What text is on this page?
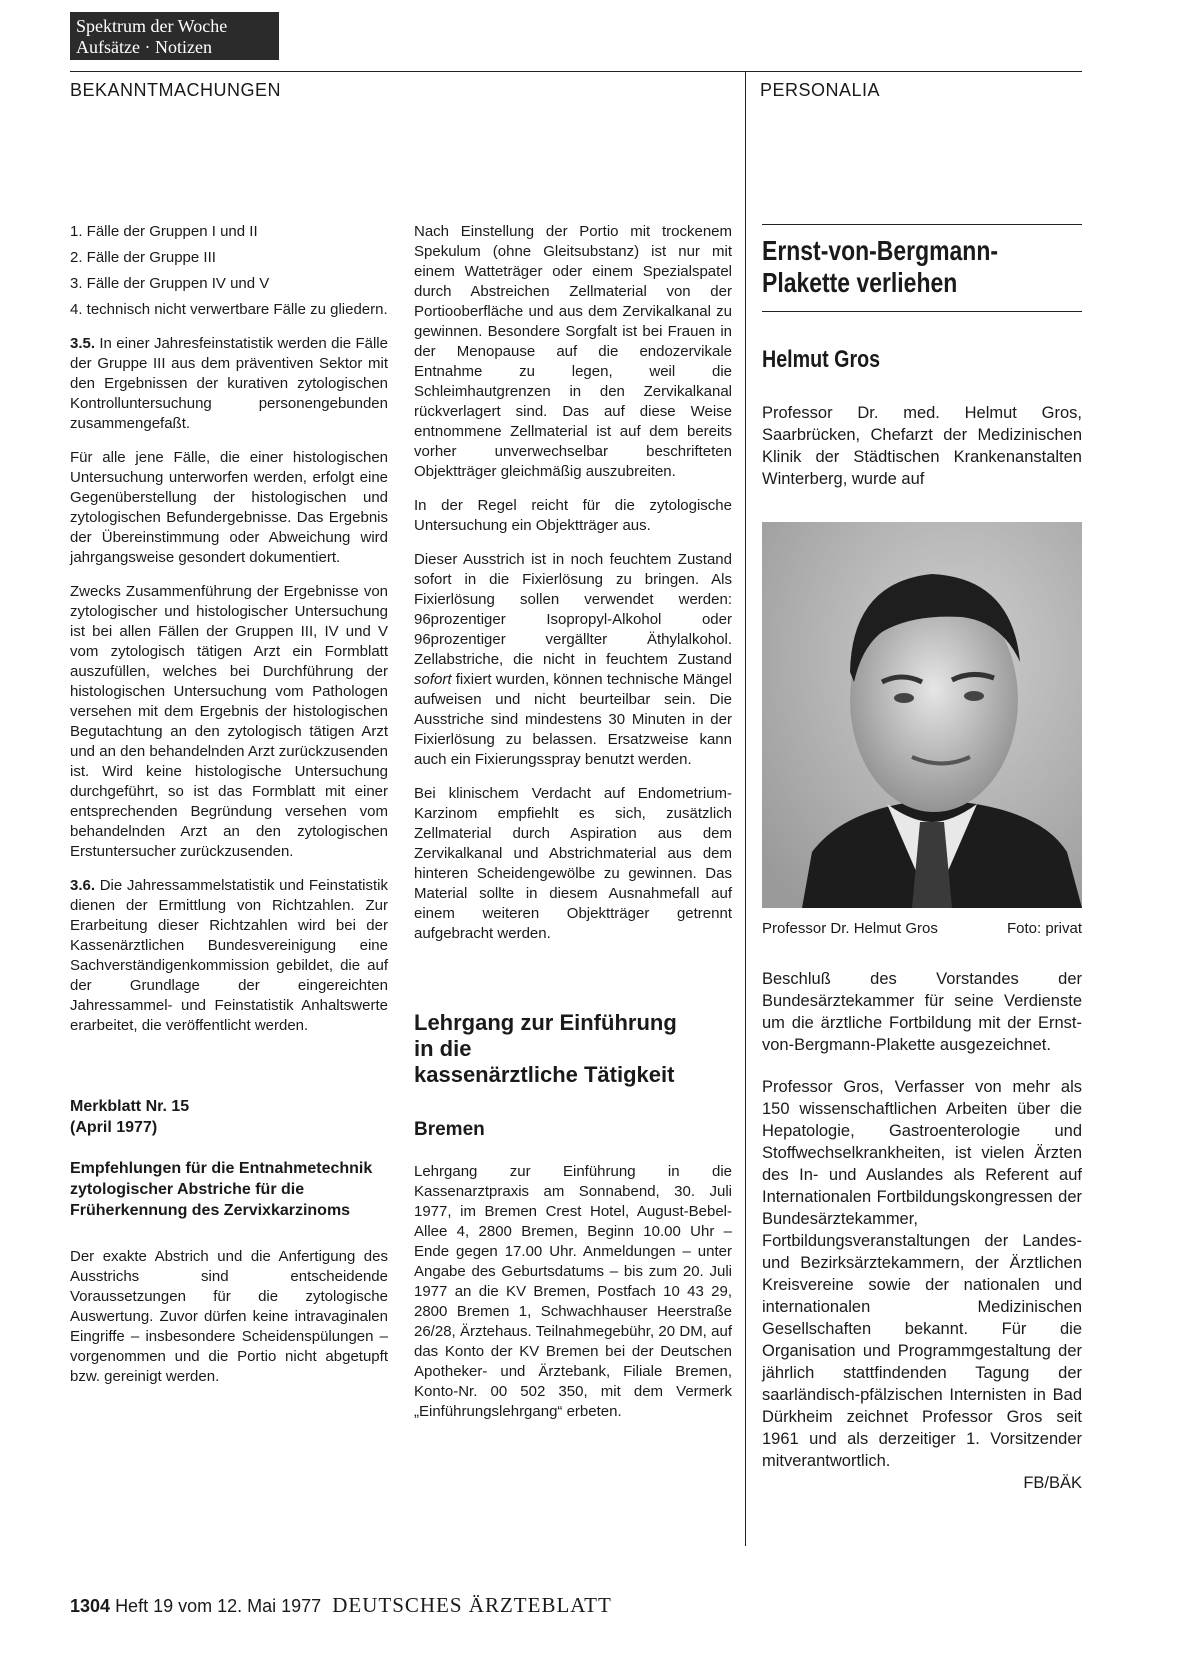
Spektrum der Woche
Aufsätze · Notizen
BEKANNTMACHUNGEN	PERSONALIA
1. Fälle der Gruppen I und II
2. Fälle der Gruppe III
3. Fälle der Gruppen IV und V
4. technisch nicht verwertbare Fälle zu gliedern.

3.5. In einer Jahresfeinstatistik werden die Fälle der Gruppe III aus dem präventiven Sektor mit den Ergebnissen der kurativen zytologischen Kontrolluntersuchung personengebunden zusammengefaßt.

Für alle jene Fälle, die einer histologischen Untersuchung unterworfen werden, erfolgt eine Gegenüberstellung der histologischen und zytologischen Befundergebnisse. Das Ergebnis der Übereinstimmung oder Abweichung wird jahrgangsweise gesondert dokumentiert.

Zwecks Zusammenführung der Ergebnisse von zytologischer und histologischer Untersuchung ist bei allen Fällen der Gruppen III, IV und V vom zytologisch tätigen Arzt ein Formblatt auszufüllen, welches bei Durchführung der histologischen Untersuchung vom Pathologen versehen mit dem Ergebnis der histologischen Begutachtung an den zytologisch tätigen Arzt und an den behandelnden Arzt zurückzusenden ist. Wird keine histologische Untersuchung durchgeführt, so ist das Formblatt mit einer entsprechenden Begründung versehen vom behandelnden Arzt an den zytologischen Erstuntersucher zurückzusenden.

3.6. Die Jahressammelstatistik und Feinstatistik dienen der Ermittlung von Richtzahlen. Zur Erarbeitung dieser Richtzahlen wird bei der Kassenärztlichen Bundesvereinigung eine Sachverständigenkommission gebildet, die auf der Grundlage der eingereichten Jahressammel- und Feinstatistik Anhaltswerte erarbeitet, die veröffentlicht werden.

Merkblatt Nr. 15
(April 1977)
Empfehlungen für die Entnahmetechnik zytologischer Abstriche für die Früherkennung des Zervixkarzinoms

Der exakte Abstrich und die Anfertigung des Ausstrichs sind entscheidende Voraussetzungen für die zytologische Auswertung. Zuvor dürfen keine intravaginalen Eingriffe – insbesondere Scheidenspülungen – vorgenommen und die Portio nicht abgetupft bzw. gereinigt werden.

Nach Einstellung der Portio mit trockenem Spekulum (ohne Gleitsubstanz) ist nur mit einem Watteträger oder einem Spezialspatel durch Abstreichen Zellmaterial von der Portiooberfläche und aus dem Zervikalkanal zu gewinnen. Besondere Sorgfalt ist bei Frauen in der Menopause auf die endozervikale Entnahme zu legen, weil die Schleimhautgrenzen in den Zervikalkanal rückverlagert sind. Das auf diese Weise entnommene Zellmaterial ist auf dem bereits vorher unverwechselbar beschrifteten Objektträger gleichmäßig auszubreiten.

In der Regel reicht für die zytologische Untersuchung ein Objektträger aus.

Dieser Ausstrich ist in noch feuchtem Zustand sofort in die Fixierlösung zu bringen. Als Fixierlösung sollen verwendet werden: 96prozentiger Isopropyl-Alkohol oder 96prozentiger vergällter Äthylalkohol. Zellabstriche, die nicht in feuchtem Zustand sofort fixiert wurden, können technische Mängel aufweisen und nicht beurteilbar sein. Die Ausstriche sind mindestens 30 Minuten in der Fixierlösung zu belassen. Ersatzweise kann auch ein Fixierungsspray benutzt werden.

Bei klinischem Verdacht auf Endometrium-Karzinom empfiehlt es sich, zusätzlich Zellmaterial durch Aspiration aus dem Zervikalkanal und Abstrichmaterial aus dem hinteren Scheidengewölbe zu gewinnen. Das Material sollte in diesem Ausnahmefall auf einem weiteren Objektträger getrennt aufgebracht werden.

Lehrgang zur Einführung
in die
kassenärztliche Tätigkeit
Bremen

Lehrgang zur Einführung in die Kassenarztpraxis am Sonnabend, 30. Juli 1977, im Bremen Crest Hotel, August-Bebel-Allee 4, 2800 Bremen, Beginn 10.00 Uhr – Ende gegen 17.00 Uhr. Anmeldungen – unter Angabe des Geburtsdatums – bis zum 20. Juli 1977 an die KV Bremen, Postfach 10 43 29, 2800 Bremen 1, Schwachhauser Heerstraße 26/28, Ärztehaus. Teilnahmegebühr, 20 DM, auf das Konto der KV Bremen bei der Deutschen Apotheker- und Ärztebank, Filiale Bremen, Konto-Nr. 00 502 350, mit dem Vermerk „Einführungslehrgang“ erbeten.

Ernst-von-Bergmann-
Plakette verliehen
Helmut Gros

Professor Dr. med. Helmut Gros, Saarbrücken, Chefarzt der Medizinischen Klinik der Städtischen Krankenanstalten Winterberg, wurde auf

Professor Dr. Helmut Gros	Foto: privat

Beschluß des Vorstandes der Bundesärztekammer für seine Verdienste um die ärztliche Fortbildung mit der Ernst-von-Bergmann-Plakette ausgezeichnet.

Professor Gros, Verfasser von mehr als 150 wissenschaftlichen Arbeiten über die Hepatologie, Gastroenterologie und Stoffwechselkrankheiten, ist vielen Ärzten des In- und Auslandes als Referent auf Internationalen Fortbildungskongressen der Bundesärztekammer, Fortbildungsveranstaltungen der Landes- und Bezirksärztekammern, der Ärztlichen Kreisvereine sowie der nationalen und internationalen Medizinischen Gesellschaften bekannt. Für die Organisation und Programmgestaltung der jährlich stattfindenden Tagung der saarländisch-pfälzischen Internisten in Bad Dürkheim zeichnet Professor Gros seit 1961 und als derzeitiger 1. Vorsitzender mitverantwortlich.

FB/BÄK
1304 Heft 19 vom 12. Mai 1977 DEUTSCHES ÄRZTEBLATT
